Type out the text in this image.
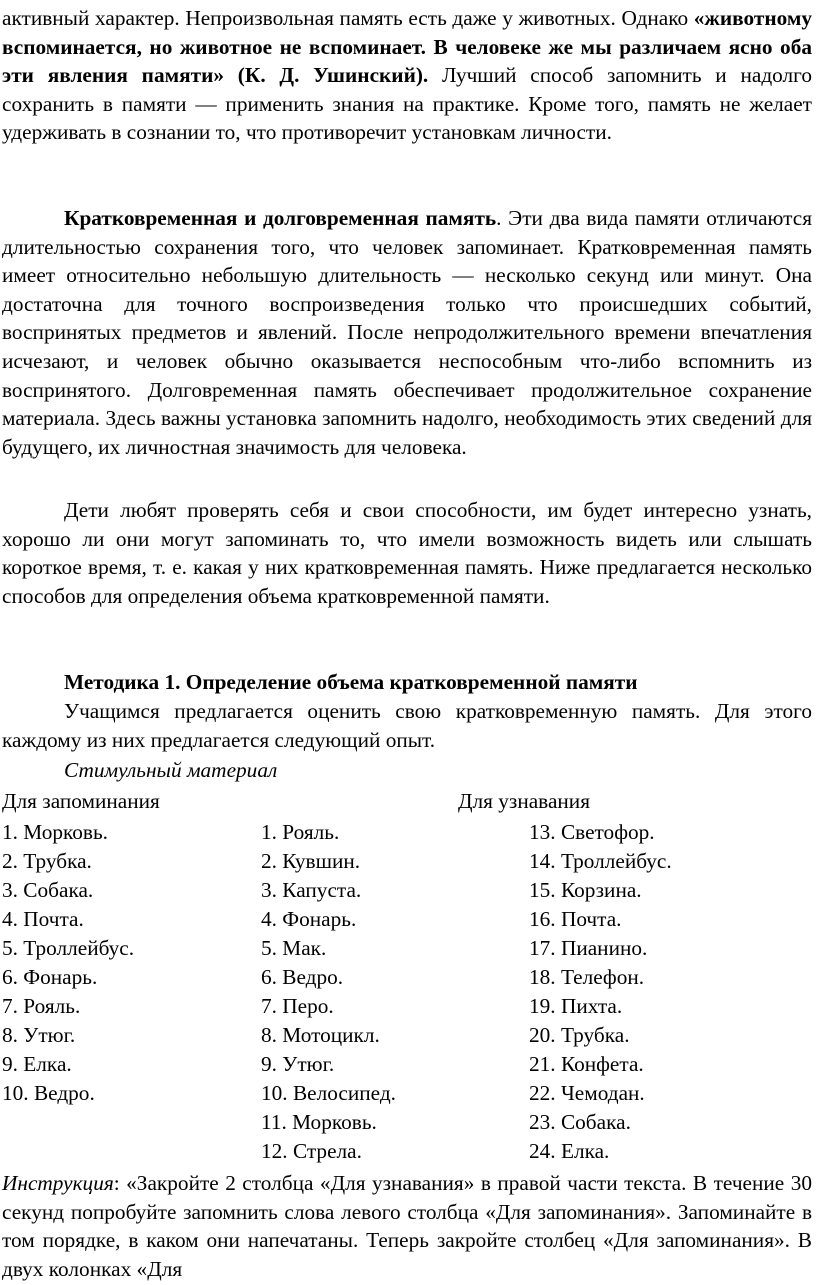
активный характер. Непроизвольная память есть даже у животных. Однако «животному вспоминается, но животное не вспоминает. В человеке же мы различаем ясно оба эти явления памяти» (К. Д. Ушинский). Лучший способ запомнить и надолго сохранить в памяти — применить знания на практике. Кроме того, память не желает удерживать в сознании то, что противоречит установкам личности.

Кратковременная и долговременная память. Эти два вида памяти отличаются длительностью сохранения того, что человек запоминает. Кратковременная память имеет относительно небольшую длительность — несколько секунд или минут. Она достаточна для точного воспроизведения только что происшедших событий, воспринятых предметов и явлений. После непродолжительного времени впечатления исчезают, и человек обычно оказывается неспособным что-либо вспомнить из воспринятого. Долговременная память обеспечивает продолжительное сохранение материала. Здесь важны установка запомнить надолго, необходимость этих сведений для будущего, их личностная значимость для человека.

Дети любят проверять себя и свои способности, им будет интересно узнать, хорошо ли они могут запоминать то, что имели возможность видеть или слышать короткое время, т. е. какая у них кратковременная память. Ниже предлагается несколько способов для определения объема кратковременной памяти.

Методика 1. Определение объема кратковременной памяти

Учащимся предлагается оценить свою кратковременную память. Для этого каждому из них предлагается следующий опыт.

Стимульный материал

Для запоминания	Для узнавания
1. Морковь.
2. Трубка.
3. Собака.
4. Почта.
5. Троллейбус.
6. Фонарь.
7. Рояль.
8. Утюг.
9. Елка.
10. Ведро.
1. Рояль.
2. Кувшин.
3. Капуста.
4. Фонарь.
5. Мак.
6. Ведро.
7. Перо.
8. Мотоцикл.
9. Утюг.
10. Велосипед.
11. Морковь.
12. Стрела.
13. Светофор.
14. Троллейбус.
15. Корзина.
16. Почта.
17. Пианино.
18. Телефон.
19. Пихта.
20. Трубка.
21. Конфета.
22. Чемодан.
23. Собака.
24. Елка.

Инструкция: «Закройте 2 столбца «Для узнавания» в правой части текста. В течение 30 секунд попробуйте запомнить слова левого столбца «Для запоминания». Запоминайте в том порядке, в каком они напечатаны. Теперь закройте столбец «Для запоминания». В двух колонках «Для
